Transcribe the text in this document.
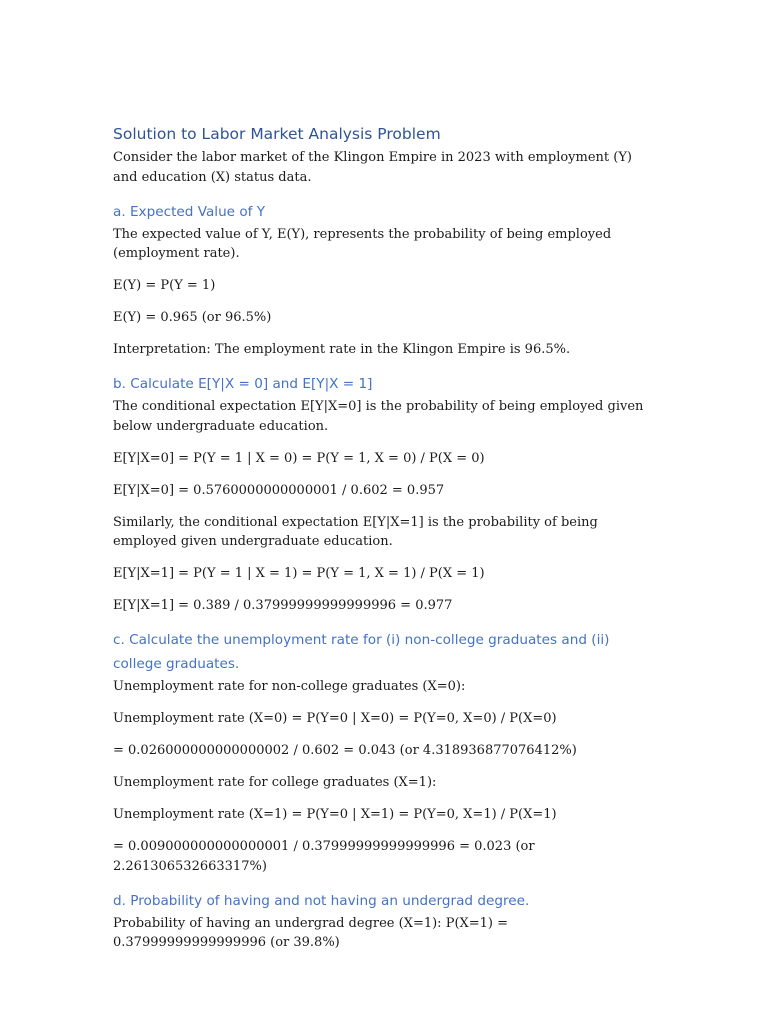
Solution to Labor Market Analysis Problem

Consider the labor market of the Klingon Empire in 2023 with employment (Y) and education (X) status data.

a. Expected Value of Y

The expected value of Y, E(Y), represents the probability of being employed (employment rate).

E(Y) = P(Y = 1)

E(Y) = 0.965 (or 96.5%)

Interpretation: The employment rate in the Klingon Empire is 96.5%.

b. Calculate E[Y|X = 0] and E[Y|X = 1]

The conditional expectation E[Y|X=0] is the probability of being employed given below undergraduate education.

E[Y|X=0] = P(Y = 1 | X = 0) = P(Y = 1, X = 0) / P(X = 0)

E[Y|X=0] = 0.5760000000000001 / 0.602 = 0.957

Similarly, the conditional expectation E[Y|X=1] is the probability of being employed given undergraduate education.

E[Y|X=1] = P(Y = 1 | X = 1) = P(Y = 1, X = 1) / P(X = 1)

E[Y|X=1] = 0.389 / 0.37999999999999996 = 0.977

c. Calculate the unemployment rate for (i) non-college graduates and (ii) college graduates.

Unemployment rate for non-college graduates (X=0):

Unemployment rate (X=0) = P(Y=0 | X=0) = P(Y=0, X=0) / P(X=0)

= 0.026000000000000002 / 0.602 = 0.043 (or 4.318936877076412%)

Unemployment rate for college graduates (X=1):

Unemployment rate (X=1) = P(Y=0 | X=1) = P(Y=0, X=1) / P(X=1)

= 0.009000000000000001 / 0.37999999999999996 = 0.023 (or 2.261306532663317%)

d. Probability of having and not having an undergrad degree.

Probability of having an undergrad degree (X=1): P(X=1) = 0.37999999999999996 (or 39.8%)
